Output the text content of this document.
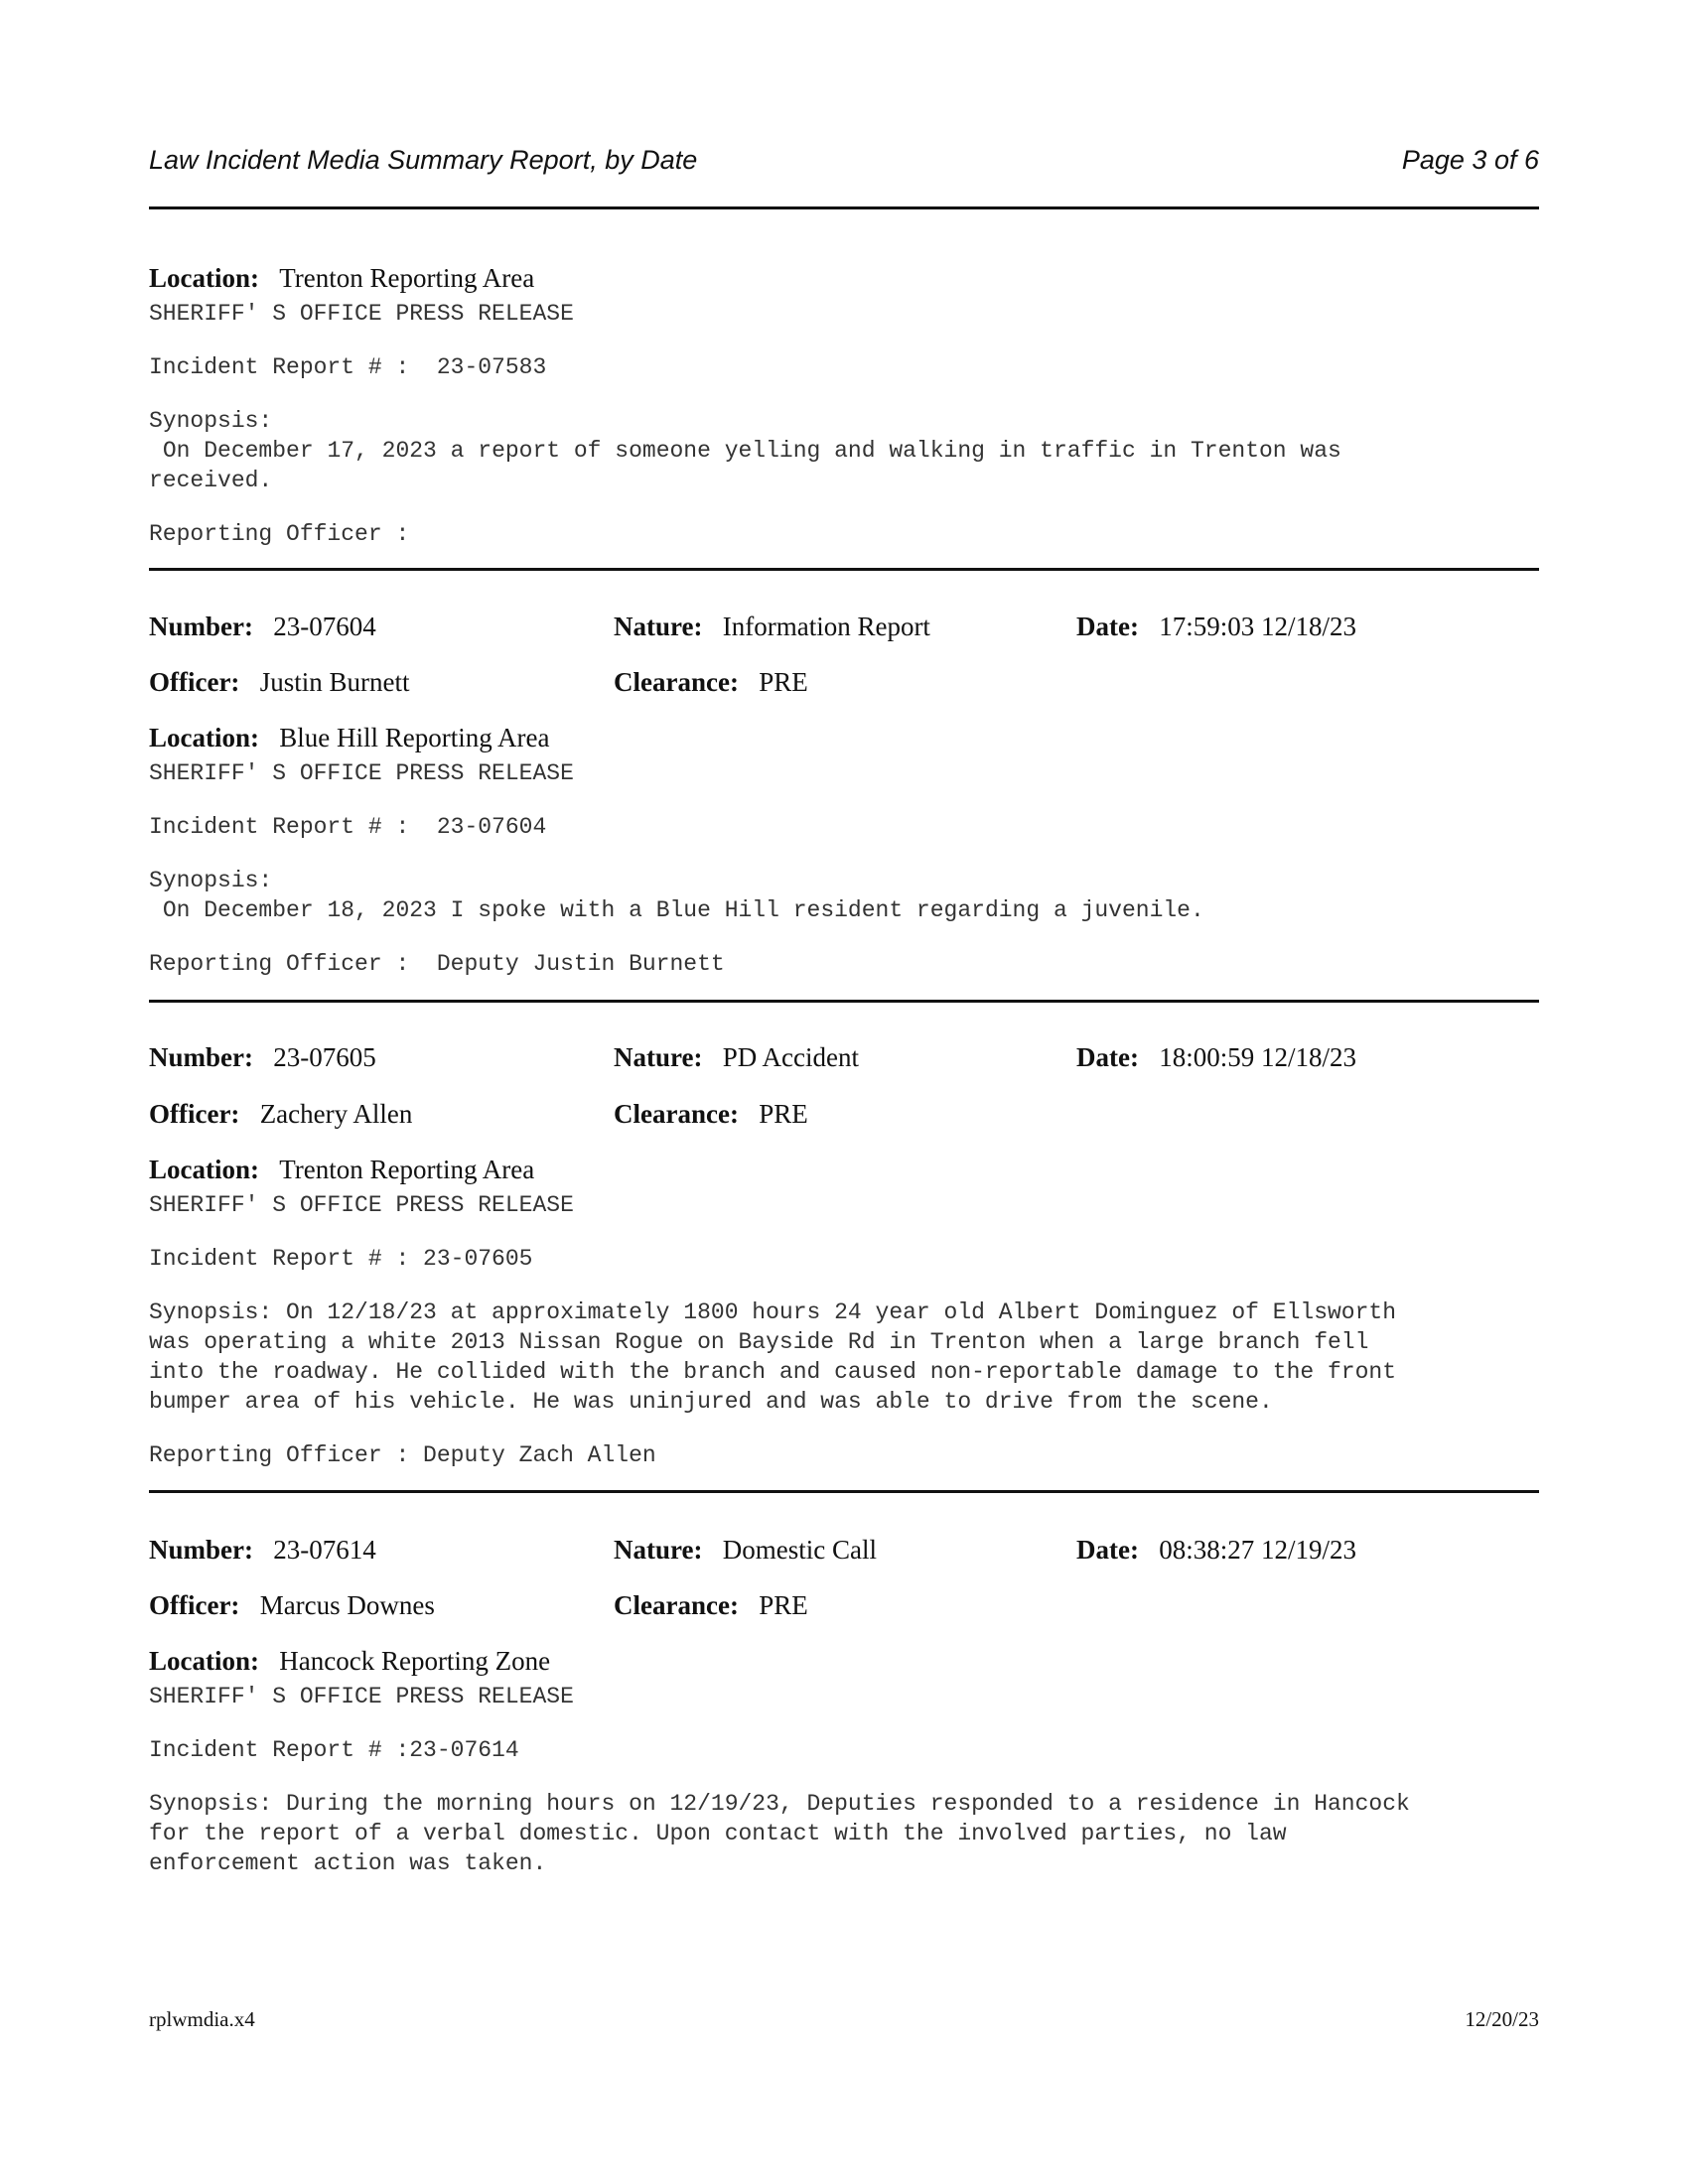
Law Incident Media Summary Report, by Date	Page 3 of 6
Location: Trenton Reporting Area
SHERIFF' S OFFICE PRESS RELEASE
Incident Report # :  23-07583
Synopsis:
On December 17, 2023 a report of someone yelling and walking in traffic in Trenton was
received.
Reporting Officer :
Number: 23-07604	Nature: Information Report	Date: 17:59:03 12/18/23
Officer: Justin Burnett	Clearance: PRE
Location: Blue Hill Reporting Area
SHERIFF' S OFFICE PRESS RELEASE
Incident Report # :  23-07604
Synopsis:
On December 18, 2023 I spoke with a Blue Hill resident regarding a juvenile.
Reporting Officer :  Deputy Justin Burnett
Number: 23-07605	Nature: PD Accident	Date: 18:00:59 12/18/23
Officer: Zachery Allen	Clearance: PRE
Location: Trenton Reporting Area
SHERIFF' S OFFICE PRESS RELEASE
Incident Report # : 23-07605
Synopsis: On 12/18/23 at approximately 1800 hours 24 year old Albert Dominguez of Ellsworth
was operating a white 2013 Nissan Rogue on Bayside Rd in Trenton when a large branch fell
into the roadway. He collided with the branch and caused non-reportable damage to the front
bumper area of his vehicle. He was uninjured and was able to drive from the scene.
Reporting Officer : Deputy Zach Allen
Number: 23-07614	Nature: Domestic Call	Date: 08:38:27 12/19/23
Officer: Marcus Downes	Clearance: PRE
Location: Hancock Reporting Zone
SHERIFF' S OFFICE PRESS RELEASE
Incident Report # :23-07614
Synopsis: During the morning hours on 12/19/23, Deputies responded to a residence in Hancock
for the report of a verbal domestic. Upon contact with the involved parties, no law
enforcement action was taken.
rplwmdia.x4	12/20/23
